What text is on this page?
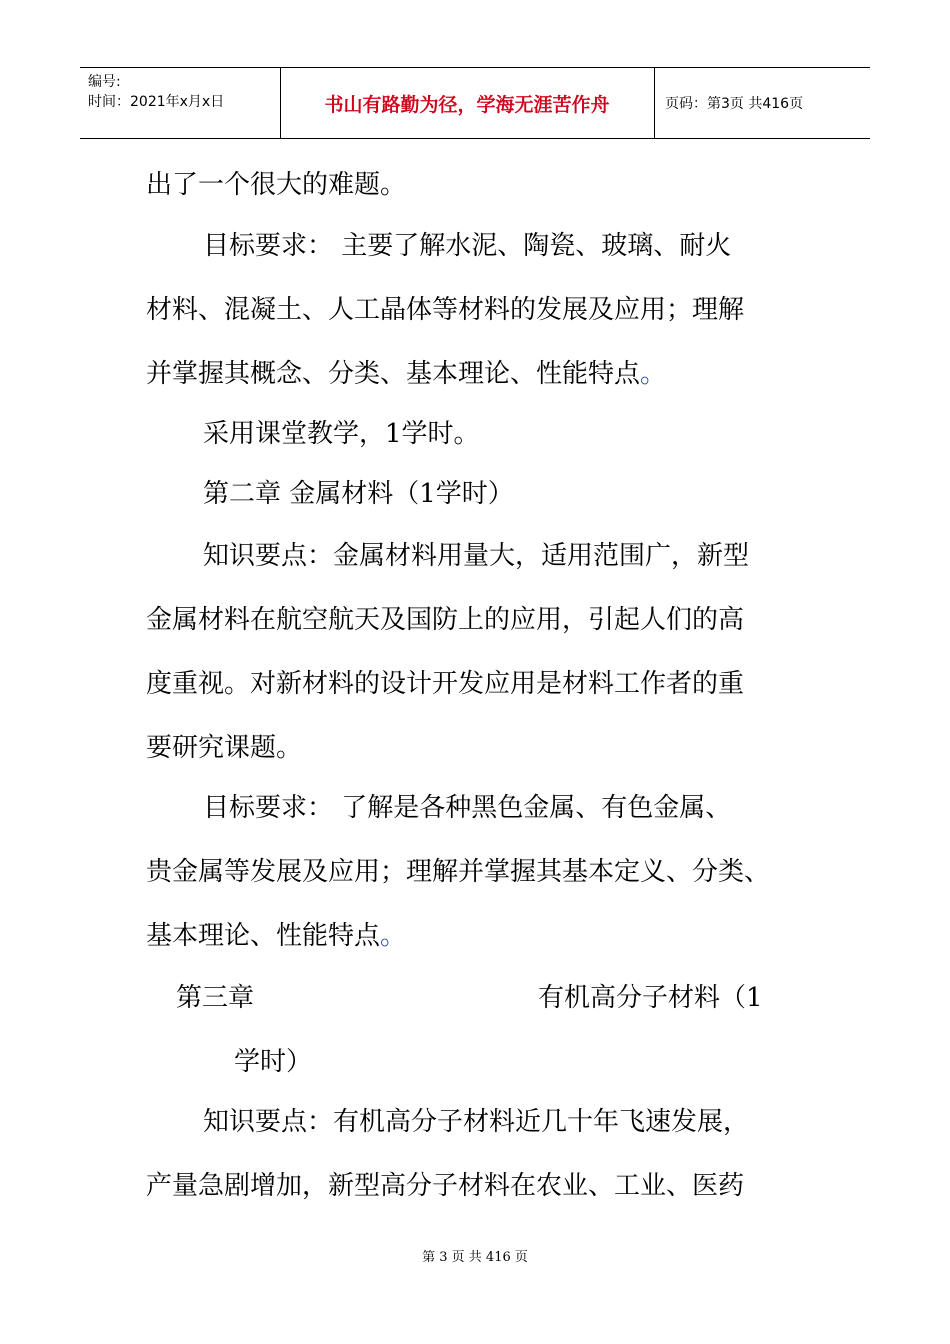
编号:
时间：2021年x月x日	书山有路勤为径，学海无涯苦作舟	页码：第3页 共416页
出了一个很大的难题。
目标要求： 主要了解水泥、陶瓷、玻璃、耐火
材料、混凝土、人工晶体等材料的发展及应用；理解
并掌握其概念、分类、基本理论、性能特点。
采用课堂教学，1学时。
第二章 金属材料（1学时）
知识要点：金属材料用量大，适用范围广，新型
金属材料在航空航天及国防上的应用，引起人们的高
度重视。对新材料的设计开发应用是材料工作者的重
要研究课题。
目标要求： 了解是各种黑色金属、有色金属、
贵金属等发展及应用；理解并掌握其基本定义、分类、
基本理论、性能特点。
第三章	有机高分子材料（1
学时）
知识要点：有机高分子材料近几十年飞速发展，
产量急剧增加，新型高分子材料在农业、工业、医药
第 3 页 共 416 页
